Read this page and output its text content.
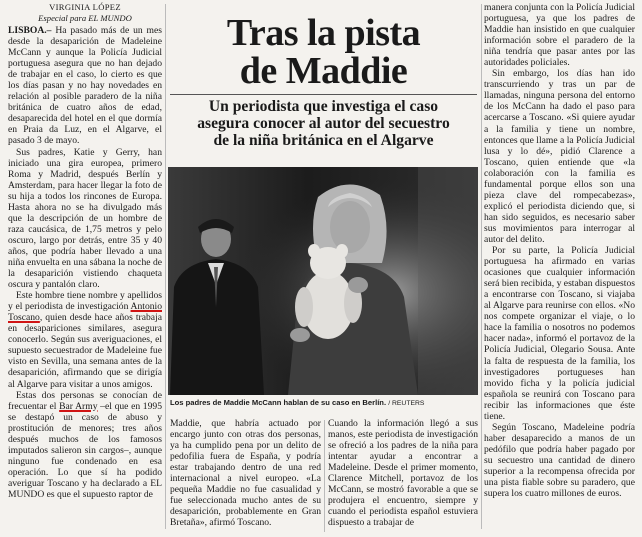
VIRGINIA LÓPEZ
Especial para EL MUNDO

LISBOA.– Ha pasado más de un mes desde la desaparición de Madeleine McCann y aunque la Policía Judicial portuguesa asegura que no han dejado de trabajar en el caso, lo cierto es que los días pasan y no hay novedades en relación al posible paradero de la niña británica de cuatro años de edad, desaparecida del hotel en el que dormía en Praia da Luz, en el Algarve, el pasado 3 de mayo.

Sus padres, Katie y Gerry, han iniciado una gira europea, primero Roma y Madrid, después Berlín y Amsterdam, para hacer llegar la foto de su hija a todos los rincones de Europa. Hasta ahora no se ha divulgado más que la descripción de un hombre de raza caucásica, de 1,75 metros y pelo oscuro, largo por detrás, entre 35 y 40 años, que podría haber llevado a una niña envuelta en una sábana la noche de la desaparición vistiendo chaqueta oscura y pantalón claro.

Este hombre tiene nombre y apellidos y el periodista de investigación Antonio Toscano, quien desde hace años trabaja en desapariciones similares, asegura conocerlo. Según sus averiguaciones, el supuesto secuestrador de Madeleine fue visto en Sevilla, una semana antes de la desaparición, afirmando que se dirigía al Algarve para visitar a unos amigos.

Estas dos personas se conocían de frecuentar el Bar Army –el que en 1995 se destapó un caso de abuso y prostitución de menores; tres años después muchos de los famosos imputados salieron sin cargos–, aunque ninguno fue condenado en esa operación. Lo que sí ha podido averiguar Toscano y ha declarado a EL MUNDO es que el supuesto raptor de

Tras la pista
de Maddie
Un periodista que investiga el caso
asegura conocer al autor del secuestro
de la niña británica en el Algarve
Los padres de Maddie McCann hablan de su caso en Berlín. / REUTERS

Maddie, que habría actuado por encargo junto con otras dos personas, ya ha cumplido pena por un delito de pedofilia fuera de España, y podría estar trabajando dentro de una red internacional a nivel europeo. «La pequeña Maddie no fue casualidad y fue seleccionada mucho antes de su desaparición, probablemente en Gran Bretaña», afirmó Toscano.

Cuando la información llegó a sus manos, este periodista de investigación se ofreció a los padres de la niña para intentar ayudar a encontrar a Madeleine. Desde el primer momento, Clarence Mitchell, portavoz de los McCann, se mostró favorable a que se produjera el encuentro, siempre y cuando el periodista español estuviera dispuesto a trabajar de

manera conjunta con la Policía Judicial portuguesa, ya que los padres de Maddie han insistido en que cualquier información sobre el paradero de la niña tendría que pasar antes por las autoridades policiales.

Sin embargo, los días han ido transcurriendo y tras un par de llamadas, ninguna persona del entorno de los McCann ha dado el paso para acercarse a Toscano. «Si quiere ayudar a la familia y tiene un nombre, entonces que llame a la Policía Judicial lusa y lo dé», pidió Clarence a Toscano, quien entiende que «la colaboración con la familia es fundamental porque ellos son una pieza clave del rompecabezas», explicó el periodista diciendo que, si han sido seguidos, es necesario saber sus movimientos para interrogar al autor del delito.

Por su parte, la Policía Judicial portuguesa ha afirmado en varias ocasiones que cualquier información será bien recibida, y estaban dispuestos a encontrarse con Toscano, si viajaba al Algarve para reunirse con ellos. «No nos compete organizar el viaje, o lo hace la familia o nosotros no podemos hacer nada», informó el portavoz de la Policía Judicial, Olegario Sousa. Ante la falta de respuesta de la familia, los investigadores portugueses han movido ficha y la policía judicial española se reunirá con Toscano para recibir las informaciones que éste tiene.

Según Toscano, Madeleine podría haber desaparecido a manos de un pedófilo que podría haber pagado por su secuestro una cantidad de dinero superior a la recompensa ofrecida por una pista fiable sobre su paradero, que supera los cuatro millones de euros.
